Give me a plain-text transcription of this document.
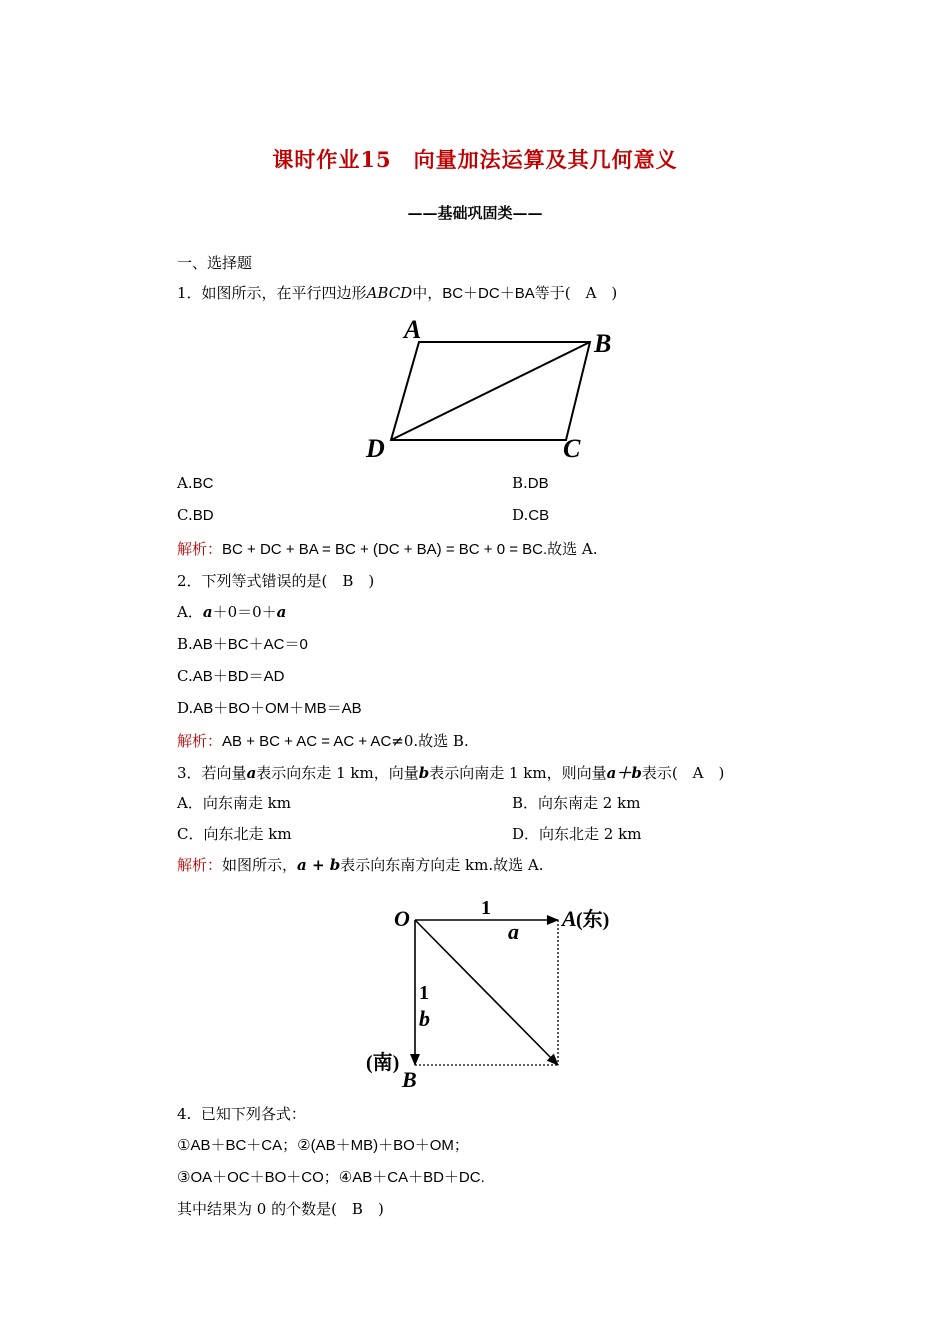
课时作业15　向量加法运算及其几何意义
——基础巩固类——
一、选择题
1．如图所示，在平行四边形ABCD中，BC＋DC＋BA等于(　A　)
A	B
C
D
A.BC	B.DB
C.BD	D.CB
解析：BC + DC + BA = BC + (DC + BA) = BC + 0 = BC.故选 A.
2．下列等式错误的是(　B　)
A．a＋0＝0＋a
B.AB＋BC＋AC＝0
C.AB＋BD＝AD
D.AB＋BO＋OM＋MB＝AB
解析：AB + BC + AC = AC + AC≠0.故选 B.
3．若向量a表示向东走 1 km，向量b表示向南走 1 km，则向量a＋b表示(　A　)
A．向东南走 km	B．向东南走 2 km
C．向东北走 km	D．向东北走 2 km
解析：如图所示，a + b表示向东南方向走 km.故选 A.
O	1
a
A (东)
1
b
(南)
B
4. 已知下列各式：
①AB＋BC＋CA；②(AB＋MB)＋BO＋OM；
③OA＋OC＋BO＋CO；④AB＋CA＋BD＋DC.
其中结果为 0 的个数是(　B　)
